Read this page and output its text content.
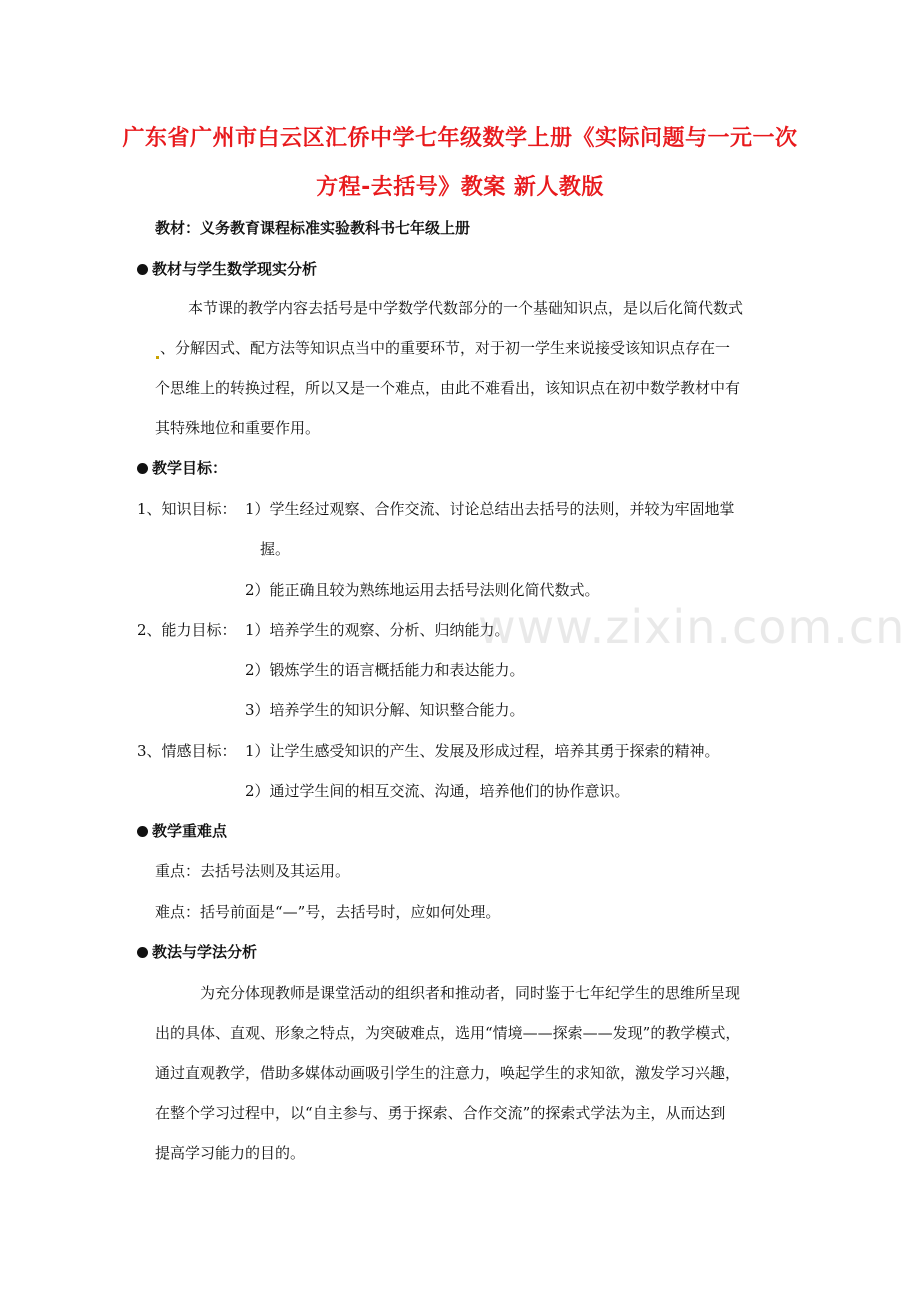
广东省广州市白云区汇侨中学七年级数学上册《实际问题与一元一次
方程-去括号》教案 新人教版
教材：义务教育课程标准实验教科书七年级上册
教材与学生数学现实分析
本节课的教学内容去括号是中学数学代数部分的一个基础知识点，是以后化简代数式
、分解因式、配方法等知识点当中的重要环节，对于初一学生来说接受该知识点存在一
个思维上的转换过程，所以又是一个难点，由此不难看出，该知识点在初中数学教材中有
其特殊地位和重要作用。
教学目标：
1、知识目标： 1）学生经过观察、合作交流、讨论总结出去括号的法则，并较为牢固地掌
握。
2）能正确且较为熟练地运用去括号法则化简代数式。
2、能力目标： 1）培养学生的观察、分析、归纳能力。
2）锻炼学生的语言概括能力和表达能力。
3）培养学生的知识分解、知识整合能力。
3、情感目标： 1）让学生感受知识的产生、发展及形成过程，培养其勇于探索的精神。
2）通过学生间的相互交流、沟通，培养他们的协作意识。
教学重难点
重点：去括号法则及其运用。
难点：括号前面是“—”号，去括号时，应如何处理。
教法与学法分析
为充分体现教师是课堂活动的组织者和推动者，同时鉴于七年纪学生的思维所呈现
出的具体、直观、形象之特点，为突破难点，选用“情境——探索——发现”的教学模式，
通过直观教学，借助多媒体动画吸引学生的注意力，唤起学生的求知欲，激发学习兴趣，
在整个学习过程中，以“自主参与、勇于探索、合作交流”的探索式学法为主，从而达到
提高学习能力的目的。
www.zixin.com.cn
